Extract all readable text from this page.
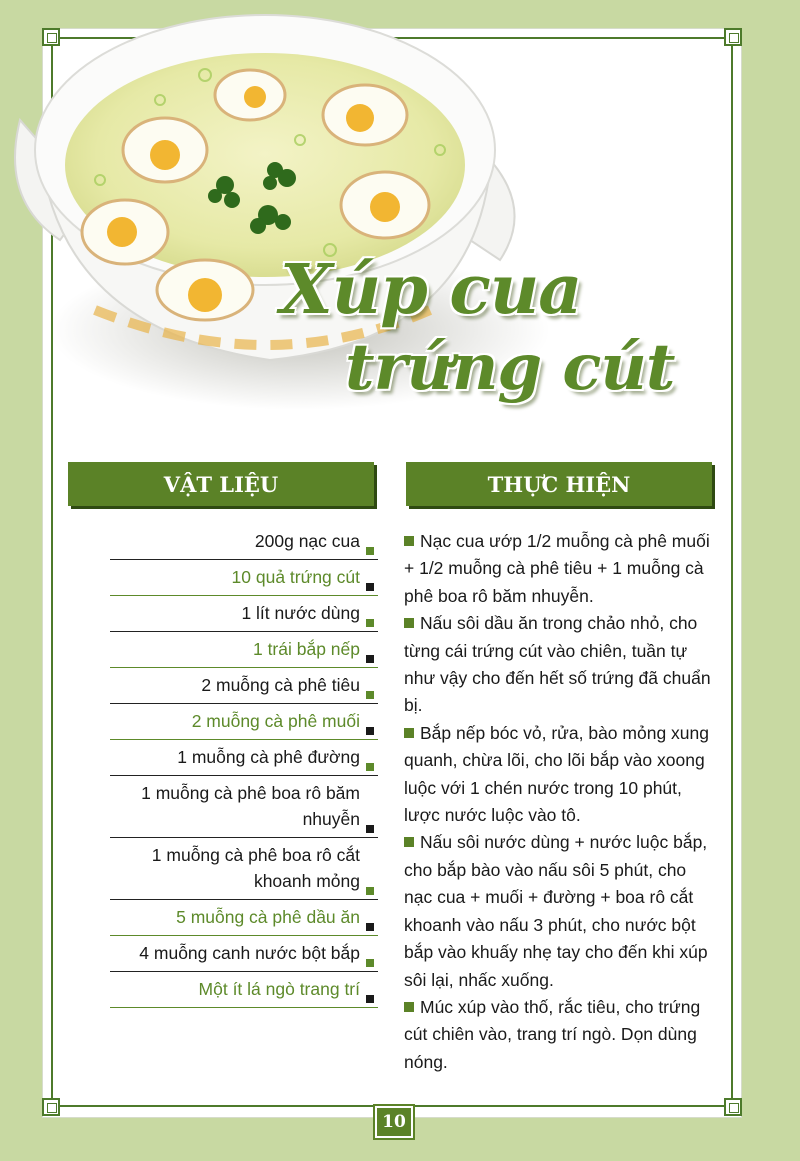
Xúp cua
trứng cút
VẬT LIỆU	THỰC HIỆN
200g nạc cua
10 quả trứng cút
1 lít nước dùng
1 trái bắp nếp
2 muỗng cà phê tiêu
2 muỗng cà phê muối
1 muỗng cà phê đường
1 muỗng cà phê boa rô băm nhuyễn
1 muỗng cà phê boa rô cắt khoanh mỏng
5 muỗng cà phê dầu ăn
4 muỗng canh nước bột bắp
Một ít lá ngò trang trí

Nạc cua ướp 1/2 muỗng cà phê muối + 1/2 muỗng cà phê tiêu + 1 muỗng cà phê boa rô băm nhuyễn.

Nấu sôi dầu ăn trong chảo nhỏ, cho từng cái trứng cút vào chiên, tuần tự như vậy cho đến hết số trứng đã chuẩn bị.

Bắp nếp bóc vỏ, rửa, bào mỏng xung quanh, chừa lõi, cho lõi bắp vào xoong luộc với 1 chén nước trong 10 phút, lược nước luộc vào tô.

Nấu sôi nước dùng + nước luộc bắp, cho bắp bào vào nấu sôi 5 phút, cho nạc cua + muối + đường + boa rô cắt khoanh vào nấu 3 phút, cho nước bột bắp vào khuấy nhẹ tay cho đến khi xúp sôi lại, nhấc xuống.

Múc xúp vào thố, rắc tiêu, cho trứng cút chiên vào, trang trí ngò. Dọn dùng nóng.

10
